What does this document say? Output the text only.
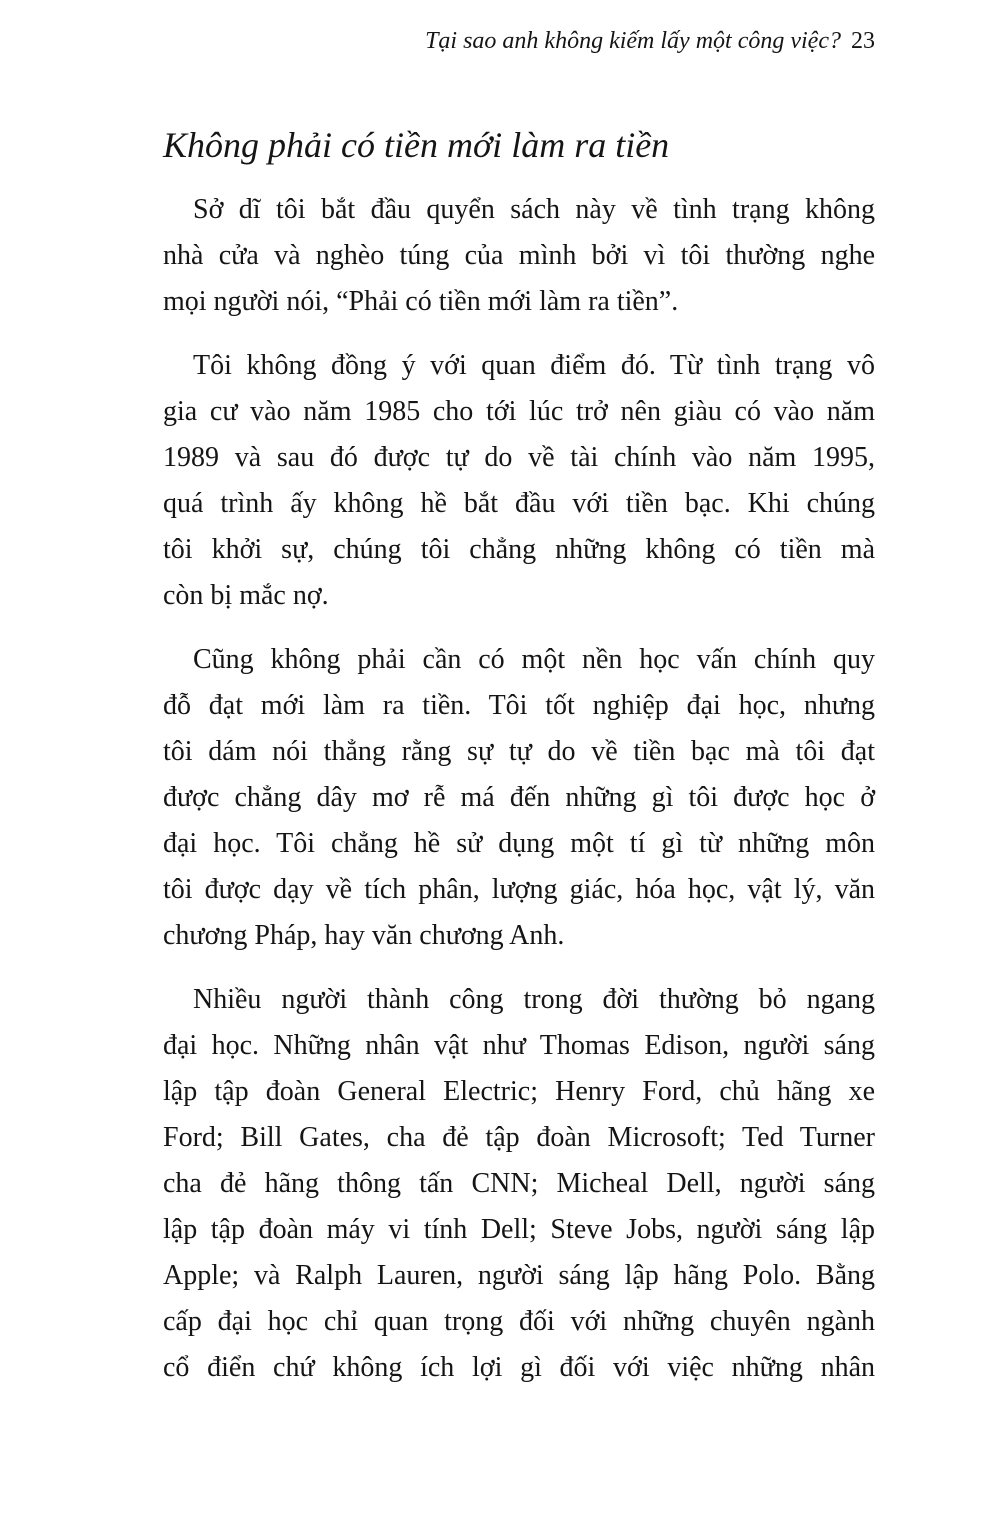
Tại sao anh không kiếm lấy một công việc? 23
Không phải có tiền mới làm ra tiền
Sở dĩ tôi bắt đầu quyển sách này về tình trạng không
nhà cửa và nghèo túng của mình bởi vì tôi thường nghe
mọi người nói, “Phải có tiền mới làm ra tiền”.
Tôi không đồng ý với quan điểm đó. Từ tình trạng vô
gia cư vào năm 1985 cho tới lúc trở nên giàu có vào năm
1989 và sau đó được tự do về tài chính vào năm 1995,
quá trình ấy không hề bắt đầu với tiền bạc. Khi chúng
tôi khởi sự, chúng tôi chẳng những không có tiền mà
còn bị mắc nợ.
Cũng không phải cần có một nền học vấn chính quy
đỗ đạt mới làm ra tiền. Tôi tốt nghiệp đại học, nhưng
tôi dám nói thẳng rằng sự tự do về tiền bạc mà tôi đạt
được chẳng dây mơ rễ má đến những gì tôi được học ở
đại học. Tôi chẳng hề sử dụng một tí gì từ những môn
tôi được dạy về tích phân, lượng giác, hóa học, vật lý, văn
chương Pháp, hay văn chương Anh.
Nhiều người thành công trong đời thường bỏ ngang
đại học. Những nhân vật như Thomas Edison, người sáng
lập tập đoàn General Electric; Henry Ford, chủ hãng xe
Ford; Bill Gates, cha đẻ tập đoàn Microsoft; Ted Turner
cha đẻ hãng thông tấn CNN; Micheal Dell, người sáng
lập tập đoàn máy vi tính Dell; Steve Jobs, người sáng lập
Apple; và Ralph Lauren, người sáng lập hãng Polo. Bằng
cấp đại học chỉ quan trọng đối với những chuyên ngành
cổ điển chứ không ích lợi gì đối với việc những nhân
